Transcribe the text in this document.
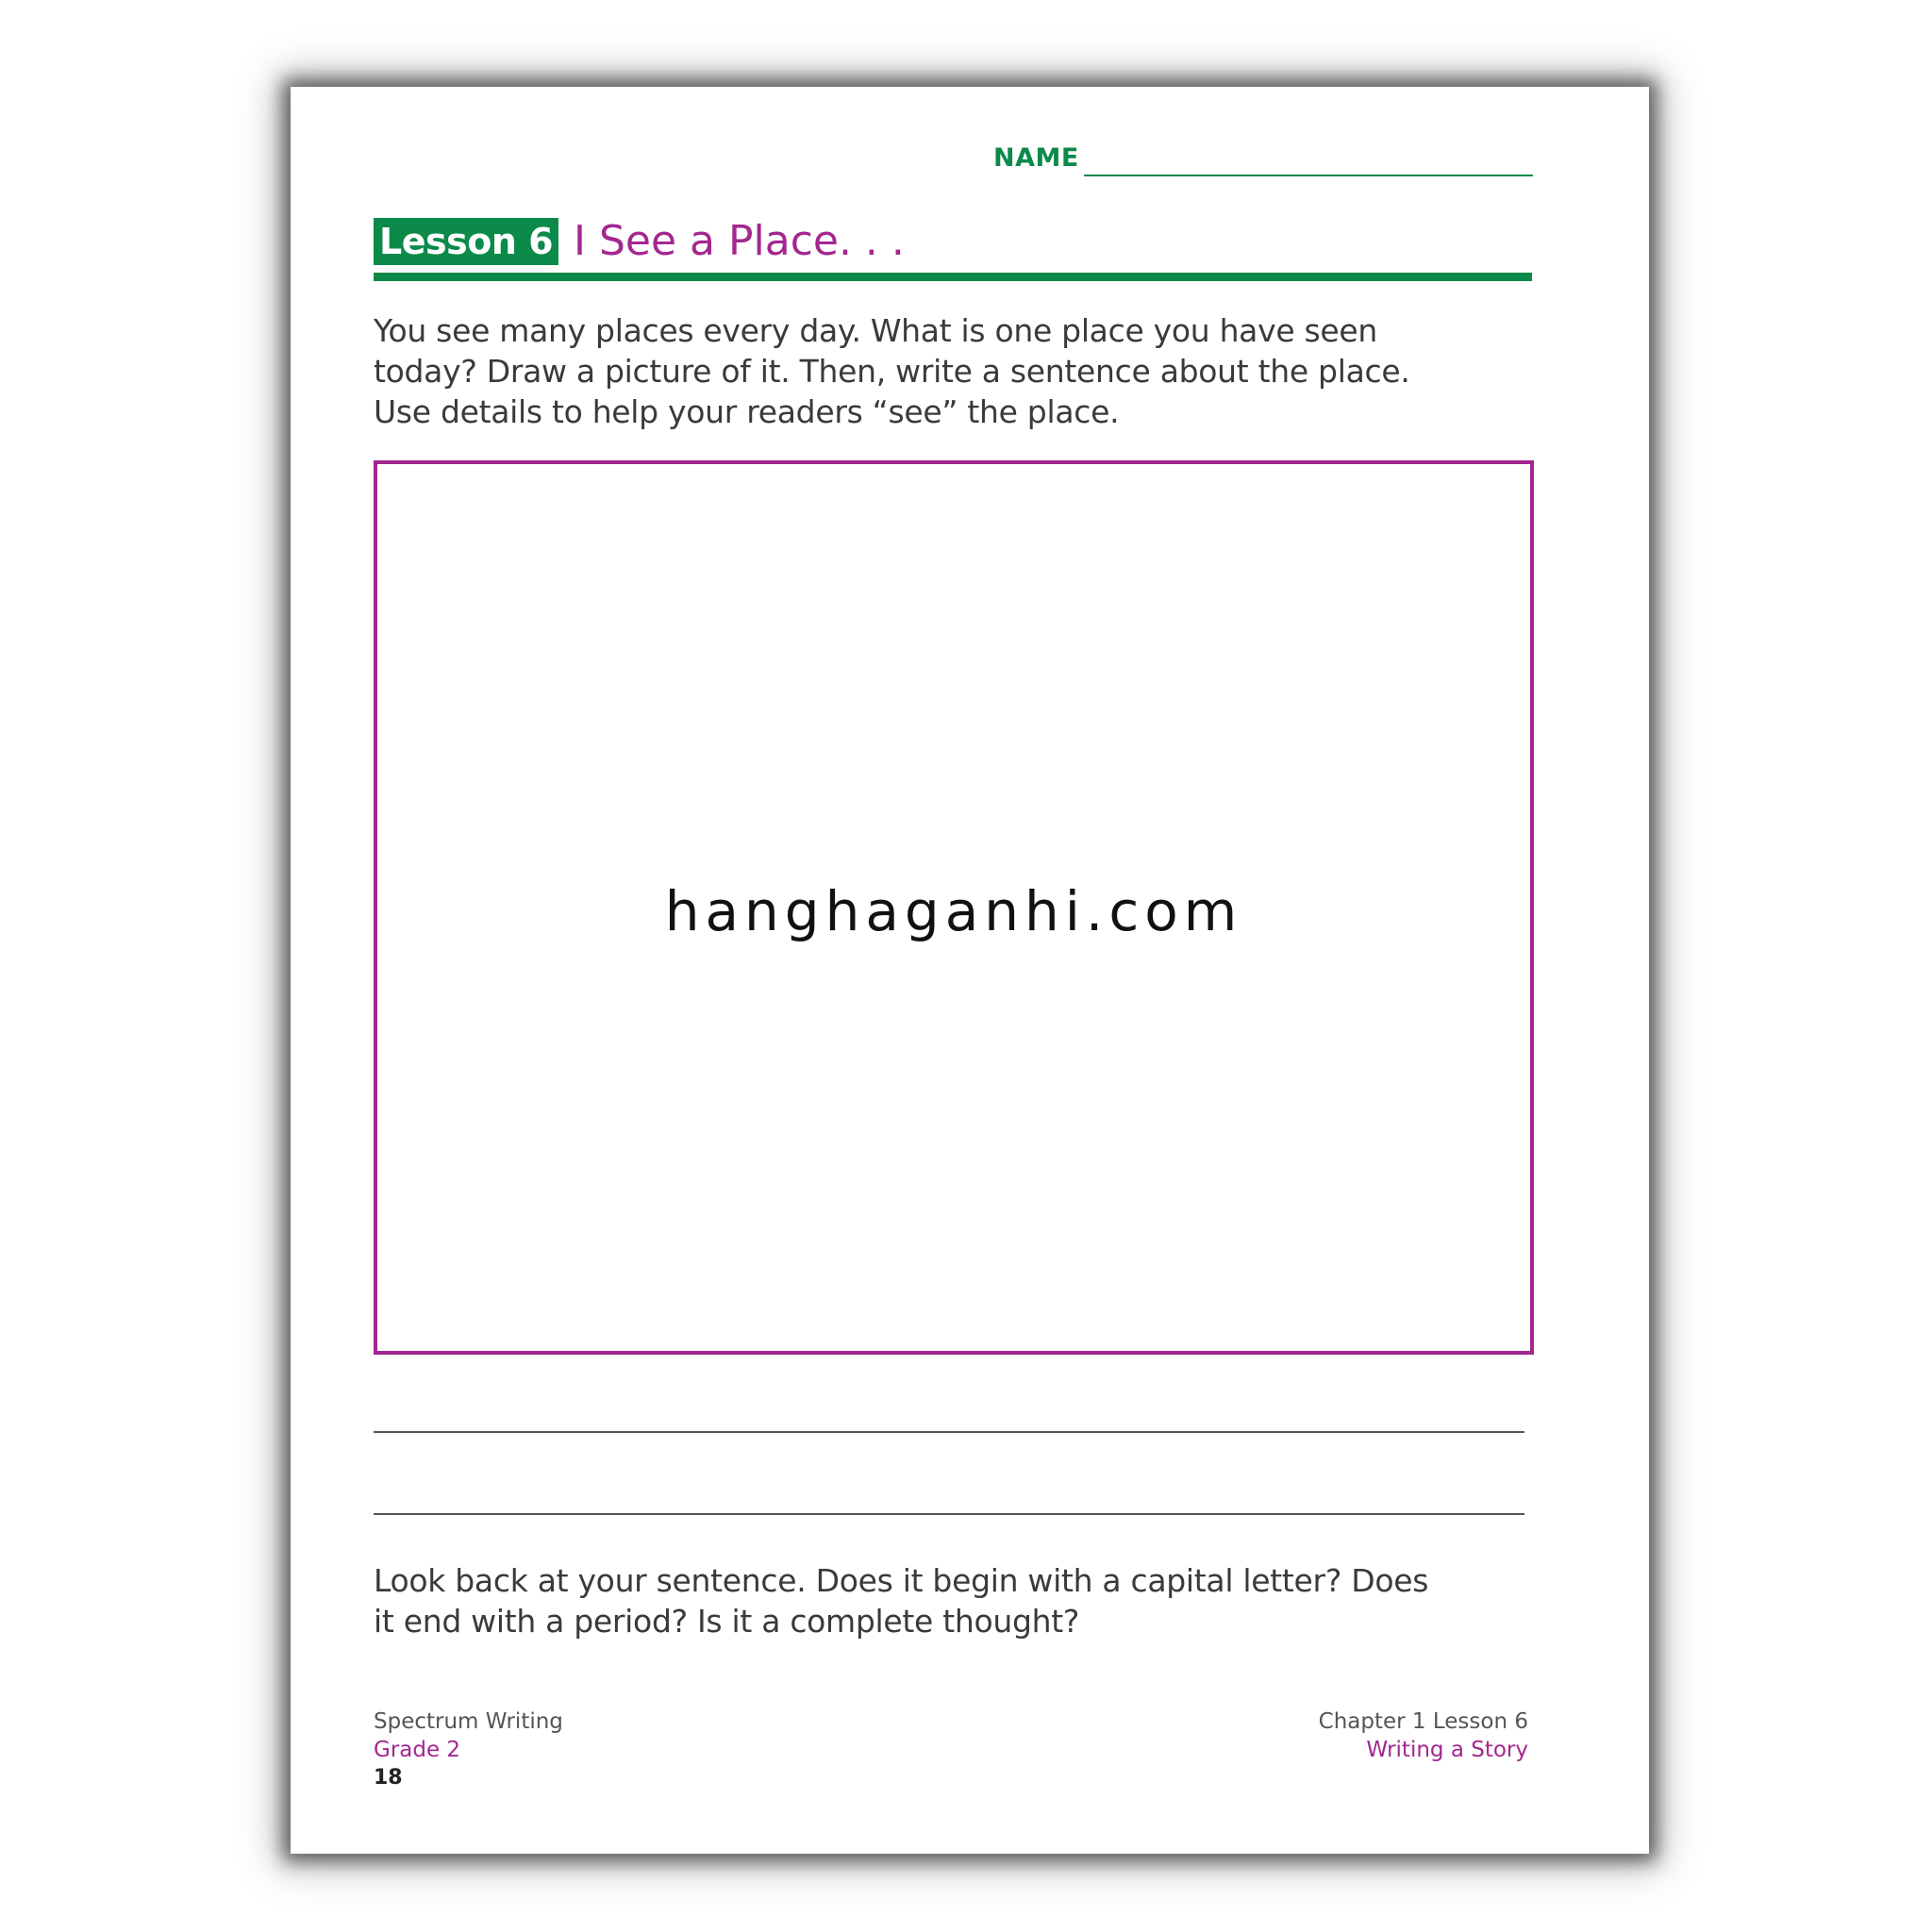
NAME
Lesson 6 I See a Place. . .
You see many places every day. What is one place you have seen
today? Draw a picture of it. Then, write a sentence about the place.
Use details to help your readers “see” the place.
hanghaganhi.com
Look back at your sentence. Does it begin with a capital letter? Does
it end with a period? Is it a complete thought?
Spectrum Writing
Grade 2
18
Chapter 1 Lesson 6
Writing a Story
